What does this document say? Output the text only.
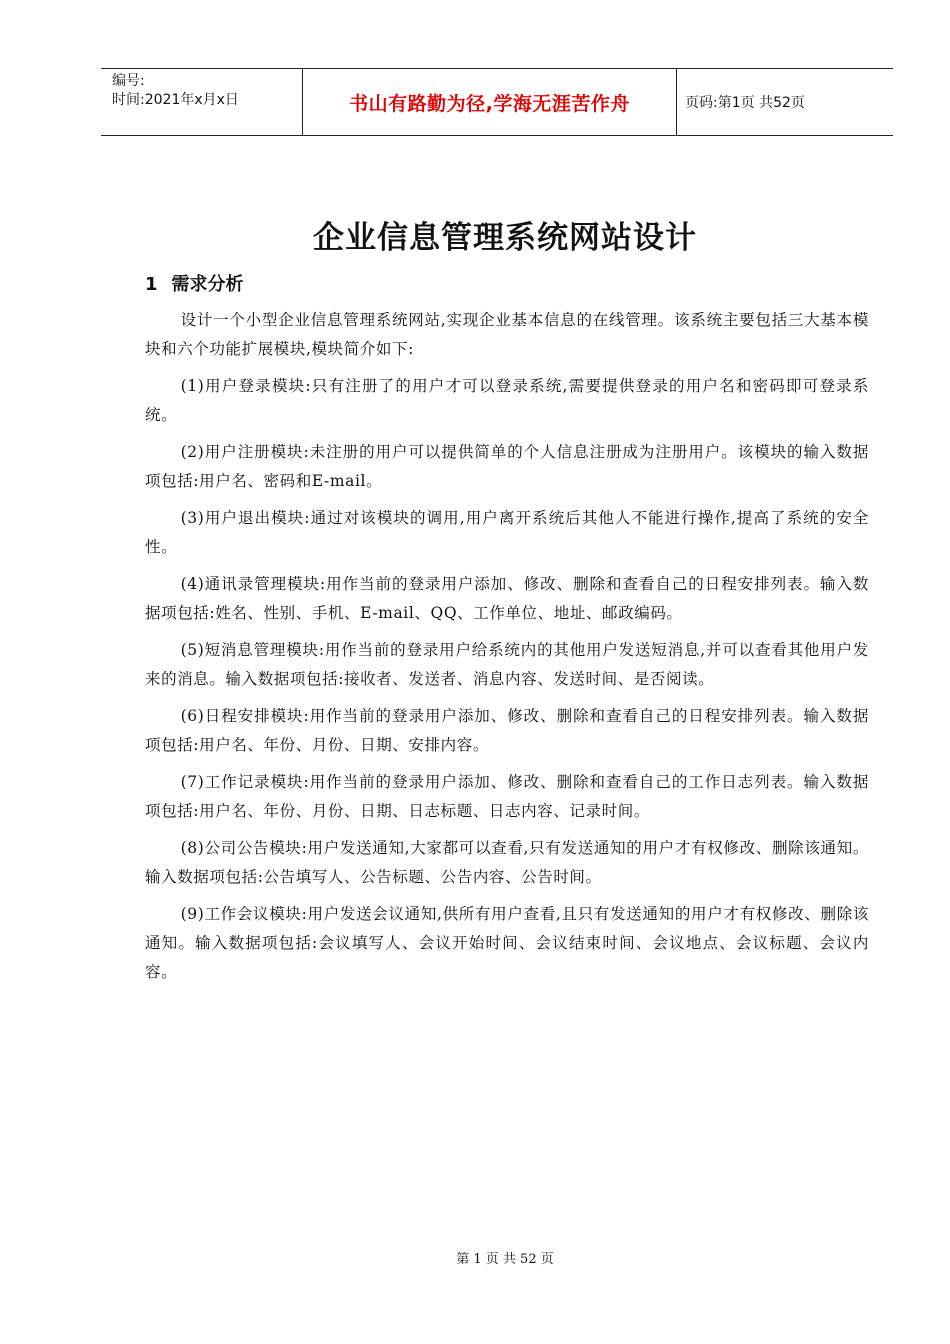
编号:
时间:2021年x月x日	书山有路勤为径,学海无涯苦作舟	页码:第1页 共52页
企业信息管理系统网站设计
1 需求分析

设计一个小型企业信息管理系统网站,实现企业基本信息的在线管理。该系统主要包括三大基本模块和六个功能扩展模块,模块简介如下:

(1)用户登录模块:只有注册了的用户才可以登录系统,需要提供登录的用户名和密码即可登录系统。

(2)用户注册模块:未注册的用户可以提供简单的个人信息注册成为注册用户。该模块的输入数据项包括:用户名、密码和E-mail。

(3)用户退出模块:通过对该模块的调用,用户离开系统后其他人不能进行操作,提高了系统的安全性。

(4)通讯录管理模块:用作当前的登录用户添加、修改、删除和查看自己的日程安排列表。输入数据项包括:姓名、性别、手机、E-mail、QQ、工作单位、地址、邮政编码。

(5)短消息管理模块:用作当前的登录用户给系统内的其他用户发送短消息,并可以查看其他用户发来的消息。输入数据项包括:接收者、发送者、消息内容、发送时间、是否阅读。

(6)日程安排模块:用作当前的登录用户添加、修改、删除和查看自己的日程安排列表。输入数据项包括:用户名、年份、月份、日期、安排内容。

(7)工作记录模块:用作当前的登录用户添加、修改、删除和查看自己的工作日志列表。输入数据项包括:用户名、年份、月份、日期、日志标题、日志内容、记录时间。

(8)公司公告模块:用户发送通知,大家都可以查看,只有发送通知的用户才有权修改、删除该通知。输入数据项包括:公告填写人、公告标题、公告内容、公告时间。

(9)工作会议模块:用户发送会议通知,供所有用户查看,且只有发送通知的用户才有权修改、删除该通知。输入数据项包括:会议填写人、会议开始时间、会议结束时间、会议地点、会议标题、会议内容。

第 1 页 共 52 页
